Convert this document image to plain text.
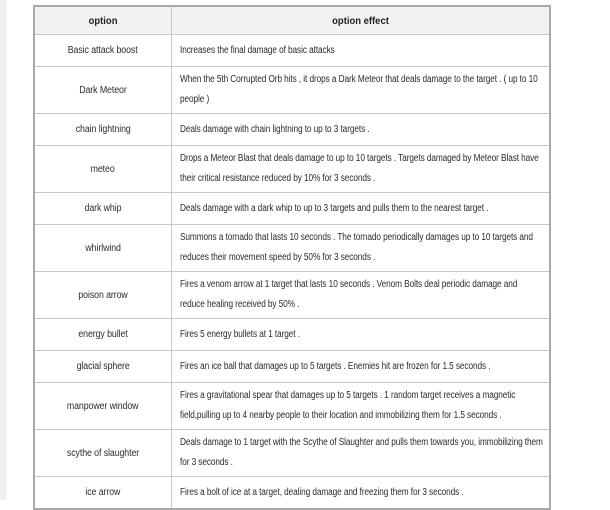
option	option effect
Basic attack boost	Increases the final damage of basic attacks
Dark Meteor	When the 5th Corrupted Orb hits , it drops a Dark Meteor that deals damage to the target . ( up to 10 people )
chain lightning	Deals damage with chain lightning to up to 3 targets .
meteo	Drops a Meteor Blast that deals damage to up to 10 targets . Targets damaged by Meteor Blast have their critical resistance reduced by 10% for 3 seconds .
dark whip	Deals damage with a dark whip to up to 3 targets and pulls them to the nearest target .
whirlwind	Summons a tornado that lasts 10 seconds . The tornado periodically damages up to 10 targets and reduces their movement speed by 50% for 3 seconds .
poison arrow	Fires a venom arrow at 1 target that lasts 10 seconds . Venom Bolts deal periodic damage and reduce healing received by 50% .
energy bullet	Fires 5 energy bullets at 1 target .
glacial sphere	Fires an ice ball that damages up to 5 targets . Enemies hit are frozen for 1.5 seconds .
manpower window	Fires a gravitational spear that damages up to 5 targets . 1 random target receives a magnetic field,pulling up to 4 nearby people to their location and immobilizing them for 1.5 seconds .
scythe of slaughter	Deals damage to 1 target with the Scythe of Slaughter and pulls them towards you, immobilizing them for 3 seconds .
ice arrow	Fires a bolt of ice at a target, dealing damage and freezing them for 3 seconds .
